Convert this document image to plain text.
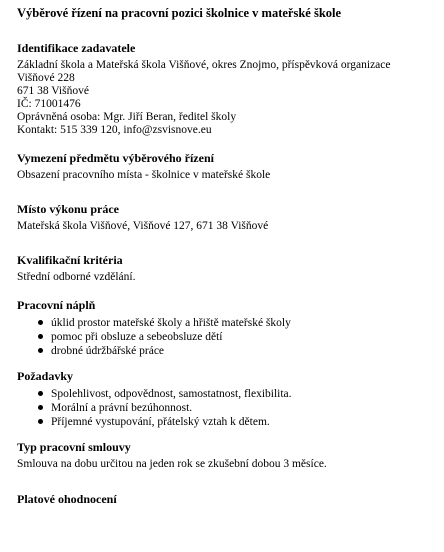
Výběrové řízení na pracovní pozici školnice v mateřské škole
Identifikace zadavatele
Základní škola a Mateřská škola Višňové, okres Znojmo, příspěvková organizace
Višňové 228
671 38 Višňové
IČ: 71001476
Oprávněná osoba: Mgr. Jiří Beran, ředitel školy
Kontakt: 515 339 120, info@zsvisnove.eu
Vymezení předmětu výběrového řízení
Obsazení pracovního místa - školnice v mateřské škole
Místo výkonu práce
Mateřská škola Višňové, Višňové 127, 671 38 Višňové
Kvalifikační kritéria
Střední odborné vzdělání.
Pracovní náplň
úklid prostor mateřské školy a hřiště mateřské školy
pomoc při obsluze a sebeobsluze dětí
drobné údržbářské práce
Požadavky
Spolehlivost, odpovědnost, samostatnost, flexibilita.
Morální a právní bezúhonnost.
Příjemné vystupování, přátelský vztah k dětem.
Typ pracovní smlouvy
Smlouva na dobu určitou na jeden rok se zkušební dobou 3 měsíce.
Platové ohodnocení
